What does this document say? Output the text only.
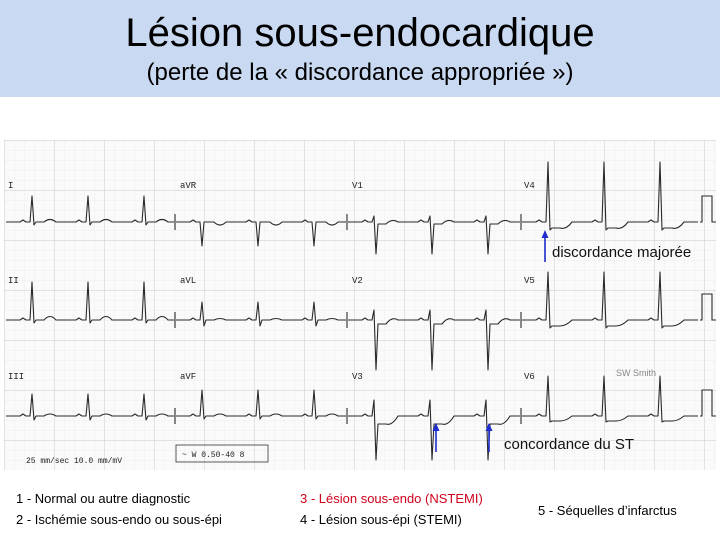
Lésion sous-endocardique
(perte de la « discordance appropriée »)
I	aVR	V1	V4
II	aVL	V2	V5
III	aVF	V3	V6
25 mm/sec 10.0 mm/mV
~ W 0.50-40 8
SW Smith
discordance majorée
concordance du ST
1 - Normal ou autre diagnostic
2 - Ischémie sous-endo ou sous-épi
3 - Lésion sous-endo (NSTEMI)
4 - Lésion sous-épi (STEMI)
5 - Séquelles d’infarctus
